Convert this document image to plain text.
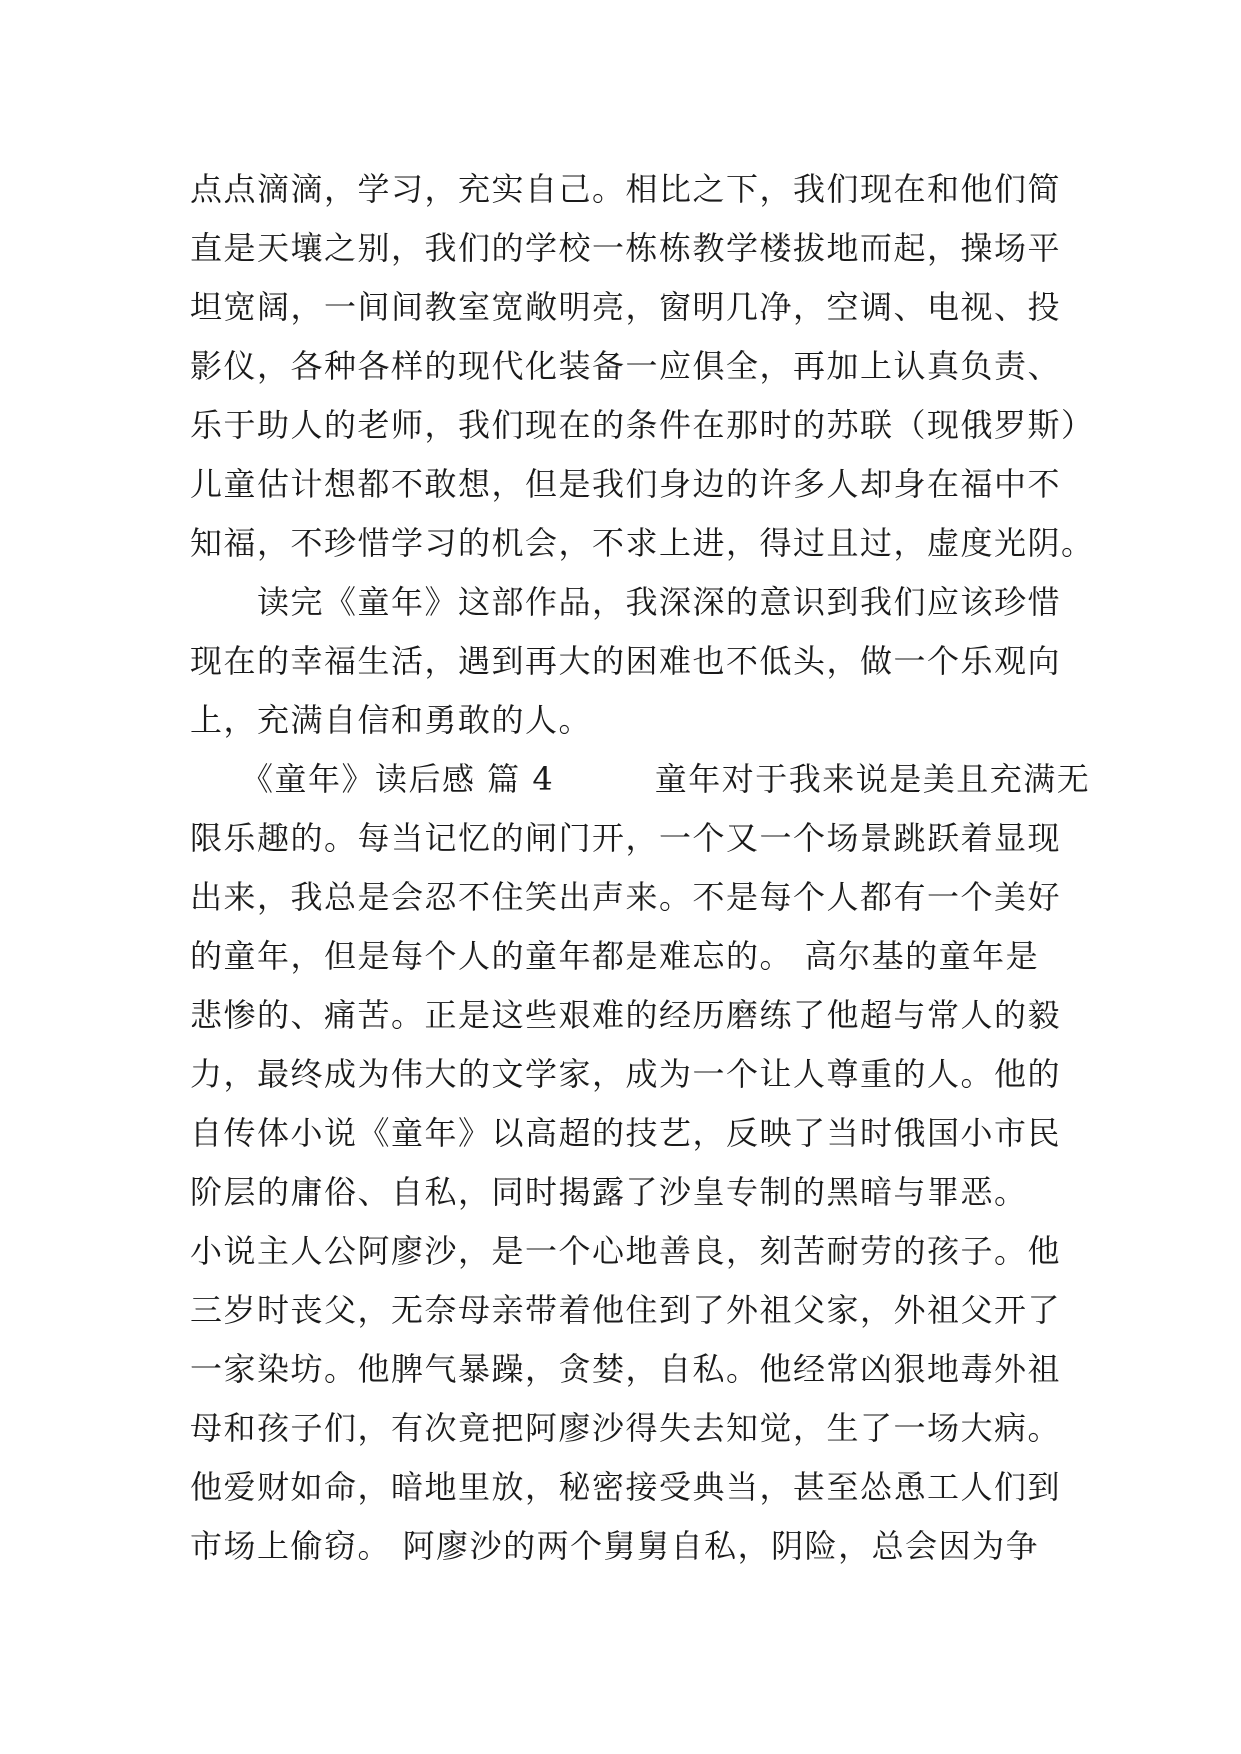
点点滴滴，学习，充实自己。相比之下，我们现在和他们简
直是天壤之别，我们的学校一栋栋教学楼拔地而起，操场平
坦宽阔，一间间教室宽敞明亮，窗明几净，空调、电视、投
影仪，各种各样的现代化装备一应俱全，再加上认真负责、
乐于助人的老师，我们现在的条件在那时的苏联（现俄罗斯）
儿童估计想都不敢想，但是我们身边的许多人却身在福中不
知福，不珍惜学习的机会，不求上进，得过且过，虚度光阴。
　　读完《童年》这部作品，我深深的意识到我们应该珍惜
现在的幸福生活，遇到再大的困难也不低头，做一个乐观向
上，充满自信和勇敢的人。
　　《童年》读后感 篇 4　　　童年对于我来说是美且充满无
限乐趣的。每当记忆的闸门开，一个又一个场景跳跃着显现
出来，我总是会忍不住笑出声来。不是每个人都有一个美好
的童年，但是每个人的童年都是难忘的。 高尔基的童年是
悲惨的、痛苦。正是这些艰难的经历磨练了他超与常人的毅
力，最终成为伟大的文学家，成为一个让人尊重的人。他的
自传体小说《童年》以高超的技艺，反映了当时俄国小市民
阶层的庸俗、自私，同时揭露了沙皇专制的黑暗与罪恶。
小说主人公阿廖沙，是一个心地善良，刻苦耐劳的孩子。他
三岁时丧父，无奈母亲带着他住到了外祖父家，外祖父开了
一家染坊。他脾气暴躁，贪婪，自私。他经常凶狠地毒外祖
母和孩子们，有次竟把阿廖沙得失去知觉，生了一场大病。
他爱财如命，暗地里放，秘密接受典当，甚至怂恿工人们到
市场上偷窃。 阿廖沙的两个舅舅自私，阴险，总会因为争
